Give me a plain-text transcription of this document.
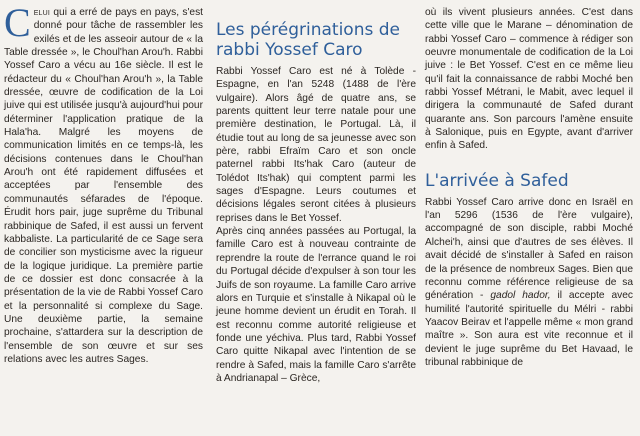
Celui qui a erré de pays en pays, s'est donné pour tâche de rassembler les exilés et de les asseoir autour de « la Table dressée », le Choul'han Arou'h. Rabbi Yossef Caro a vécu au 16e siècle. Il est le rédacteur du « Choul'han Arou'h », la Table dressée, œuvre de codification de la Loi juive qui est utilisée jusqu'à aujourd'hui pour déterminer l'application pratique de la Hala'ha. Malgré les moyens de communication limités en ce temps-là, les décisions contenues dans le Choul'han Arou'h ont été rapidement diffusées et acceptées par l'ensemble des communautés séfarades de l'époque. Érudit hors pair, juge suprême du Tribunal rabbinique de Safed, il est aussi un fervent kabbaliste. La particularité de ce Sage sera de concilier son mysticisme avec la rigueur de la logique juridique. La première partie de ce dossier est donc consacrée à la présentation de la vie de Rabbi Yossef Caro et la personnalité si complexe du Sage. Une deuxième partie, la semaine prochaine, s'attardera sur la description de l'ensemble de son œuvre et sur ses relations avec les autres Sages.

Les pérégrinations de rabbi Yossef Caro

Rabbi Yossef Caro est né à Tolède - Espagne, en l'an 5248 (1488 de l'ère vulgaire). Alors âgé de quatre ans, se parents quittent leur terre natale pour une première destination, le Portugal. Là, il étudie tout au long de sa jeunesse avec son père, rabbi Efraïm Caro et son oncle paternel rabbi Its'hak Caro (auteur de Tolédot Its'hak) qui comptent parmi les sages d'Espagne. Leurs coutumes et décisions légales seront citées à plusieurs reprises dans le Bet Yossef.

Après cinq années passées au Portugal, la famille Caro est à nouveau contrainte de reprendre la route de l'errance quand le roi du Portugal décide d'expulser à son tour les Juifs de son royaume. La famille Caro arrive alors en Turquie et s'installe à Nikapal où le jeune homme devient un érudit en Torah. Il est reconnu comme autorité religieuse et fonde une yéchiva. Plus tard, Rabbi Yossef Caro quitte Nikapal avec l'intention de se rendre à Safed, mais la famille Caro s'arrête à Andrianapal – Grèce,

où ils vivent plusieurs années. C'est dans cette ville que le Marane – dénomination de rabbi Yossef Caro – commence à rédiger son oeuvre monumentale de codification de la Loi juive : le Bet Yossef. C'est en ce même lieu qu'il fait la connaissance de rabbi Moché ben rabbi Yossef Métrani, le Mabit, avec lequel il dirigera la communauté de Safed durant quarante ans. Son parcours l'amène ensuite à Salonique, puis en Egypte, avant d'arriver enfin à Safed.

L'arrivée à Safed

Rabbi Yossef Caro arrive donc en Israël en l'an 5296 (1536 de l'ère vulgaire), accompagné de son disciple, rabbi Moché Alchei'h, ainsi que d'autres de ses élèves. Il avait décidé de s'installer à Safed en raison de la présence de nombreux Sages. Bien que reconnu comme référence religieuse de sa génération - gadol hador, il accepte avec humilité l'autorité spirituelle du Mélri - rabbi Yaacov Beirav et l'appelle même « mon grand maître ». Son aura est vite reconnue et il devient le juge suprême du Bet Havaad, le tribunal rabbinique de
